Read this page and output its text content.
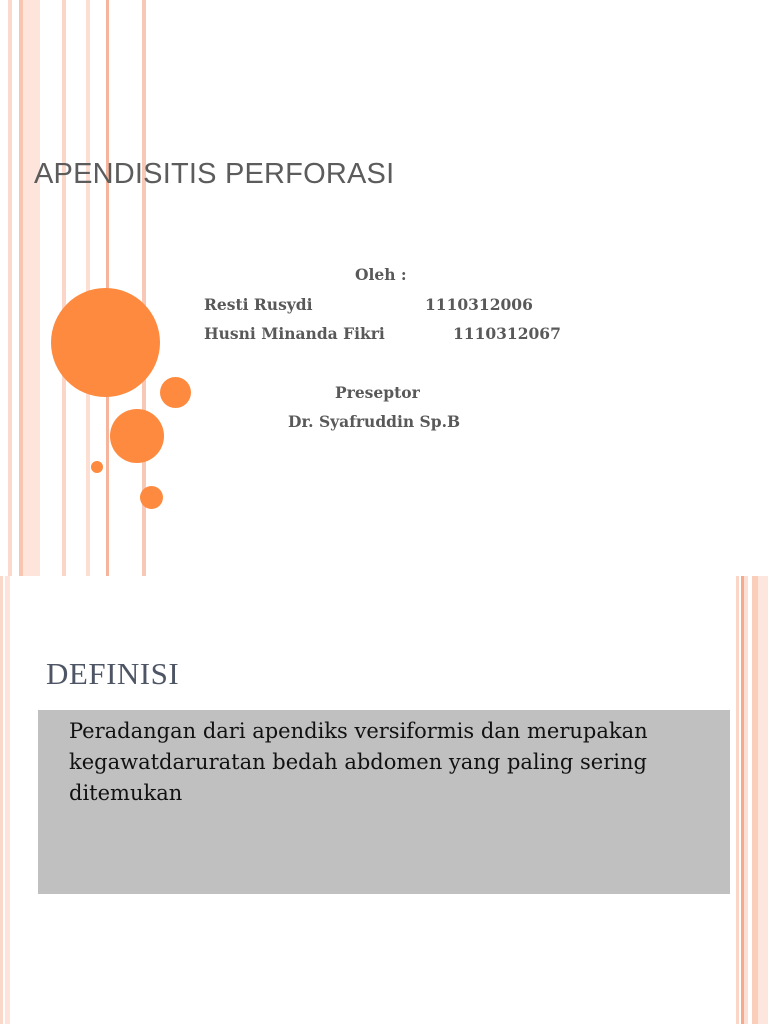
APENDISITIS PERFORASI

Oleh :

Resti Rusydi	1110312006

Husni Minanda Fikri	1110312067

Preseptor

Dr. Syafruddin Sp.B

DEFINISI

Peradangan dari apendiks versiformis dan merupakan kegawatdaruratan bedah abdomen yang paling sering ditemukan
